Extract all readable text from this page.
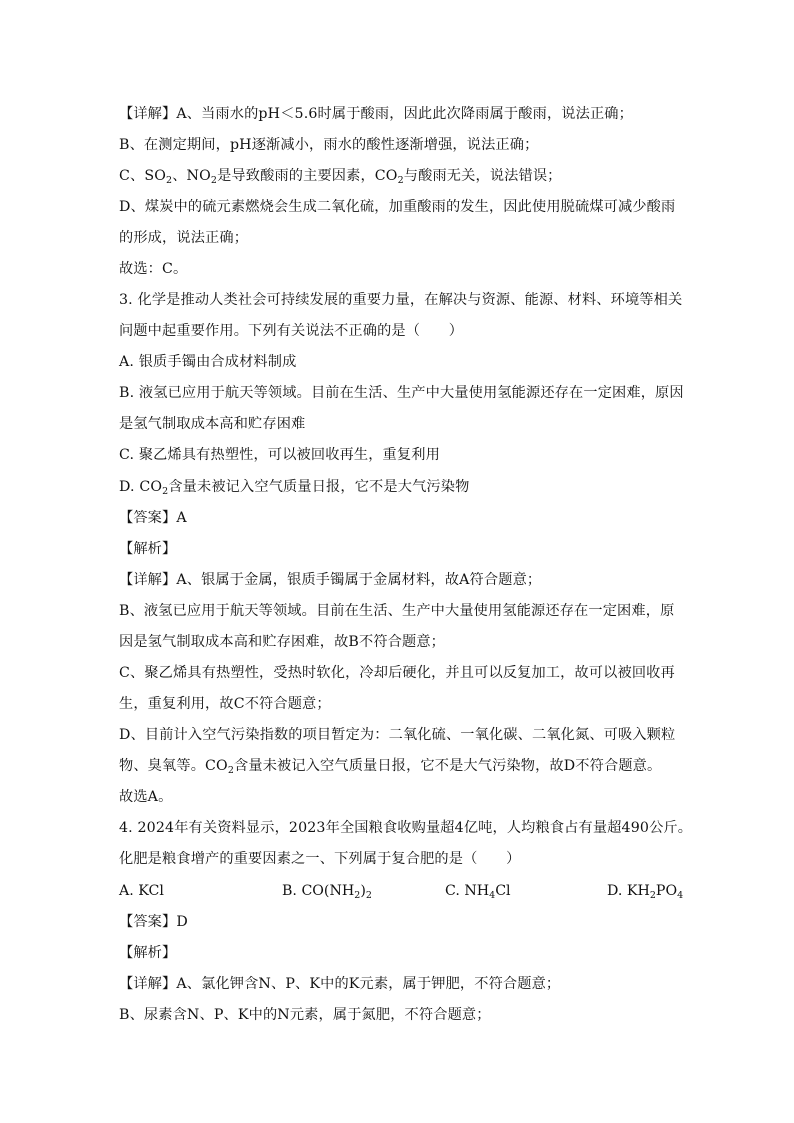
【详解】A、当雨水的pH＜5.6时属于酸雨，因此此次降雨属于酸雨，说法正确；
B、在测定期间，pH逐渐减小，雨水的酸性逐渐增强，说法正确；
C、$SO_2$、$NO_2$是导致酸雨的主要因素，$CO_2$与酸雨无关，说法错误；
D、煤炭中的硫元素燃烧会生成二氧化硫，加重酸雨的发生，因此使用脱硫煤可减少酸雨
的形成，说法正确；
故选：C。
3. 化学是推动人类社会可持续发展的重要力量，在解决与资源、能源、材料、环境等相关
问题中起重要作用。下列有关说法不正确的是（　　）
A. 银质手镯由合成材料制成
B. 液氢已应用于航天等领域。目前在生活、生产中大量使用氢能源还存在一定困难，原因
是氢气制取成本高和贮存困难
C. 聚乙烯具有热塑性，可以被回收再生，重复利用
D. $CO_2$含量未被记入空气质量日报，它不是大气污染物
【答案】A
【解析】
【详解】A、银属于金属，银质手镯属于金属材料，故A符合题意；
B、液氢已应用于航天等领域。目前在生活、生产中大量使用氢能源还存在一定困难，原
因是氢气制取成本高和贮存困难，故B不符合题意；
C、聚乙烯具有热塑性，受热时软化，冷却后硬化，并且可以反复加工，故可以被回收再
生，重复利用，故C不符合题意；
D、目前计入空气污染指数的项目暂定为：二氧化硫、一氧化碳、二氧化氮、可吸入颗粒
物、臭氧等。$CO_2$含量未被记入空气质量日报，它不是大气污染物，故D不符合题意。
故选A。
4. 2024年有关资料显示，2023年全国粮食收购量超4亿吨，人均粮食占有量超490公斤。
化肥是粮食增产的重要因素之一、下列属于复合肥的是（　　）
A. KCl	B. $CO(NH_2)_2$	C. $NH_4Cl$	D. $KH_2PO_4$
【答案】D
【解析】
【详解】A、氯化钾含N、P、K中的K元素，属于钾肥，不符合题意；
B、尿素含N、P、K中的N元素，属于氮肥，不符合题意；
